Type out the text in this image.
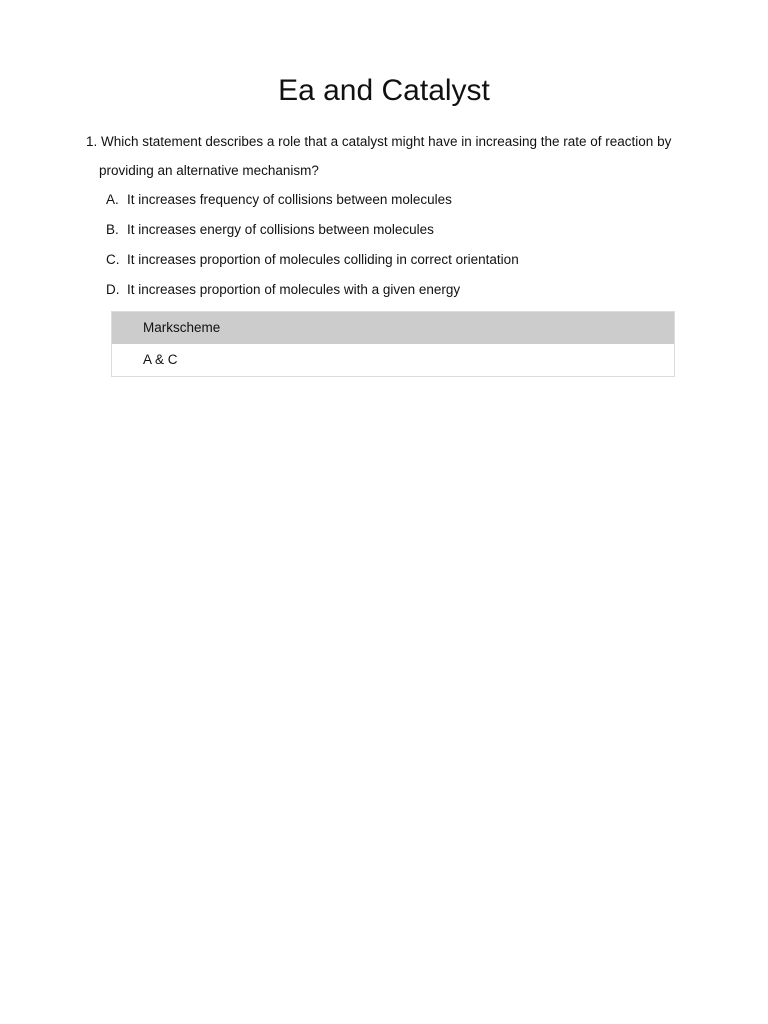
Ea and Catalyst
1. Which statement describes a role that a catalyst might have in increasing the rate of reaction by
providing an alternative mechanism?
A. It increases frequency of collisions between molecules
B. It increases energy of collisions between molecules
C. It increases proportion of molecules colliding in correct orientation
D. It increases proportion of molecules with a given energy
Markscheme
A & C
